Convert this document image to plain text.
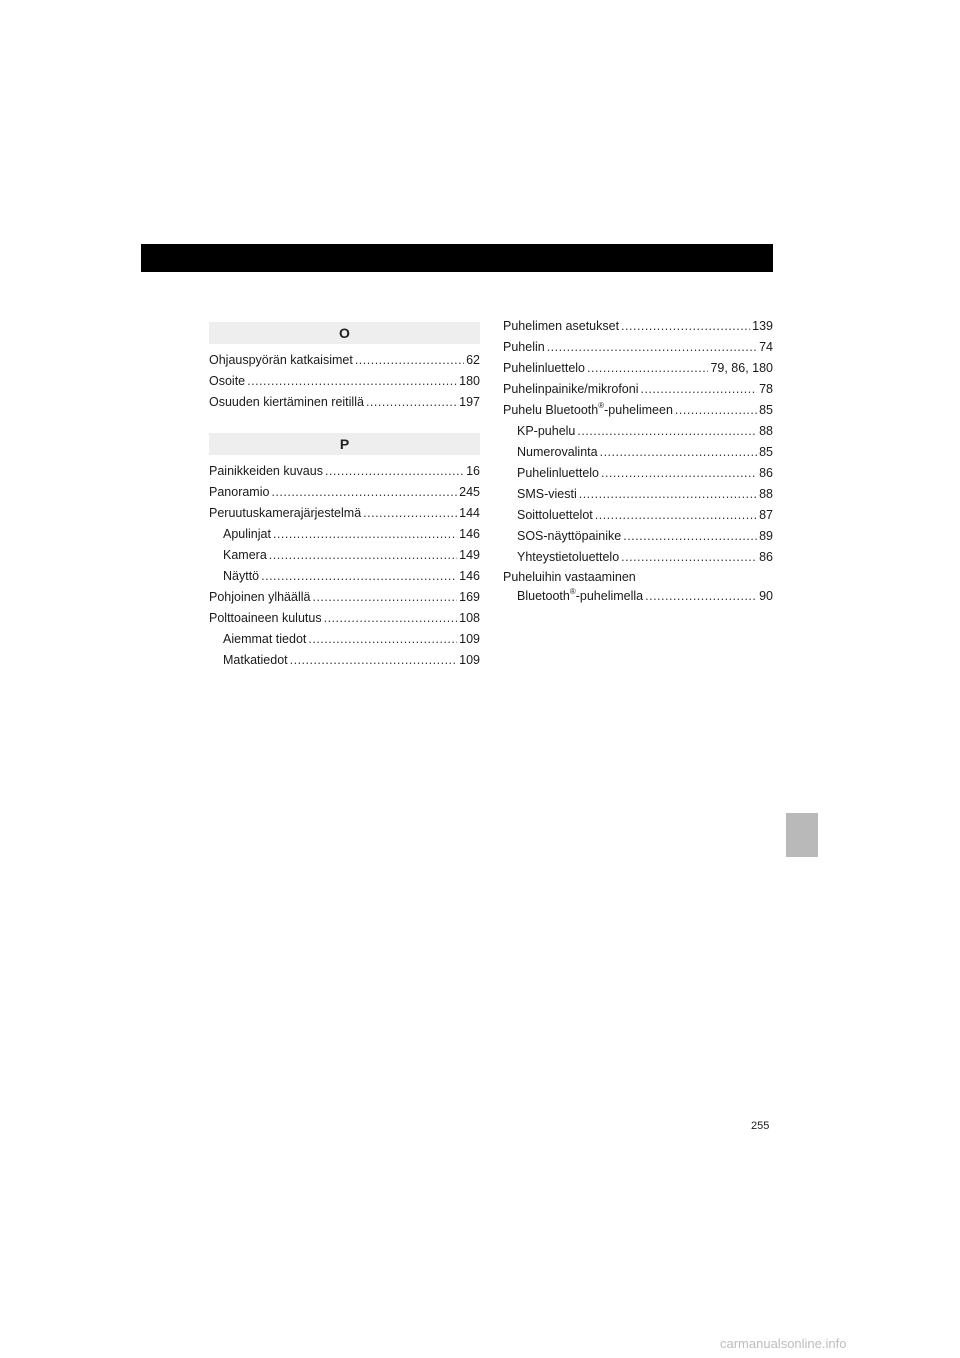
O
Ohjauspyörän katkaisimet .....	62
Osoite .....	180
Osuuden kiertäminen reitillä .....	197
P
Painikkeiden kuvaus .....	16
Panoramio .....	245
Peruutuskamerajärjestelmä .....	144
Apulinjat .....	146
Kamera .....	149
Näyttö .....	146
Pohjoinen ylhäällä .....	169
Polttoaineen kulutus .....	108
Aiemmat tiedot .....	109
Matkatiedot .....	109
Puhelimen asetukset .....	139
Puhelin .....	74
Puhelinluettelo .....	79, 86, 180
Puhelinpainike/mikrofoni .....	78
Puhelu Bluetooth®-puhelimeen .....	85
KP-puhelu .....	88
Numerovalinta .....	85
Puhelinluettelo .....	86
SMS-viesti .....	88
Soittoluettelot .....	87
SOS-näyttöpainike .....	89
Yhteystietoluettelo .....	86
Puheluihin vastaaminen
Bluetooth®-puhelimella .....	90
255
carmanualsonline.info
